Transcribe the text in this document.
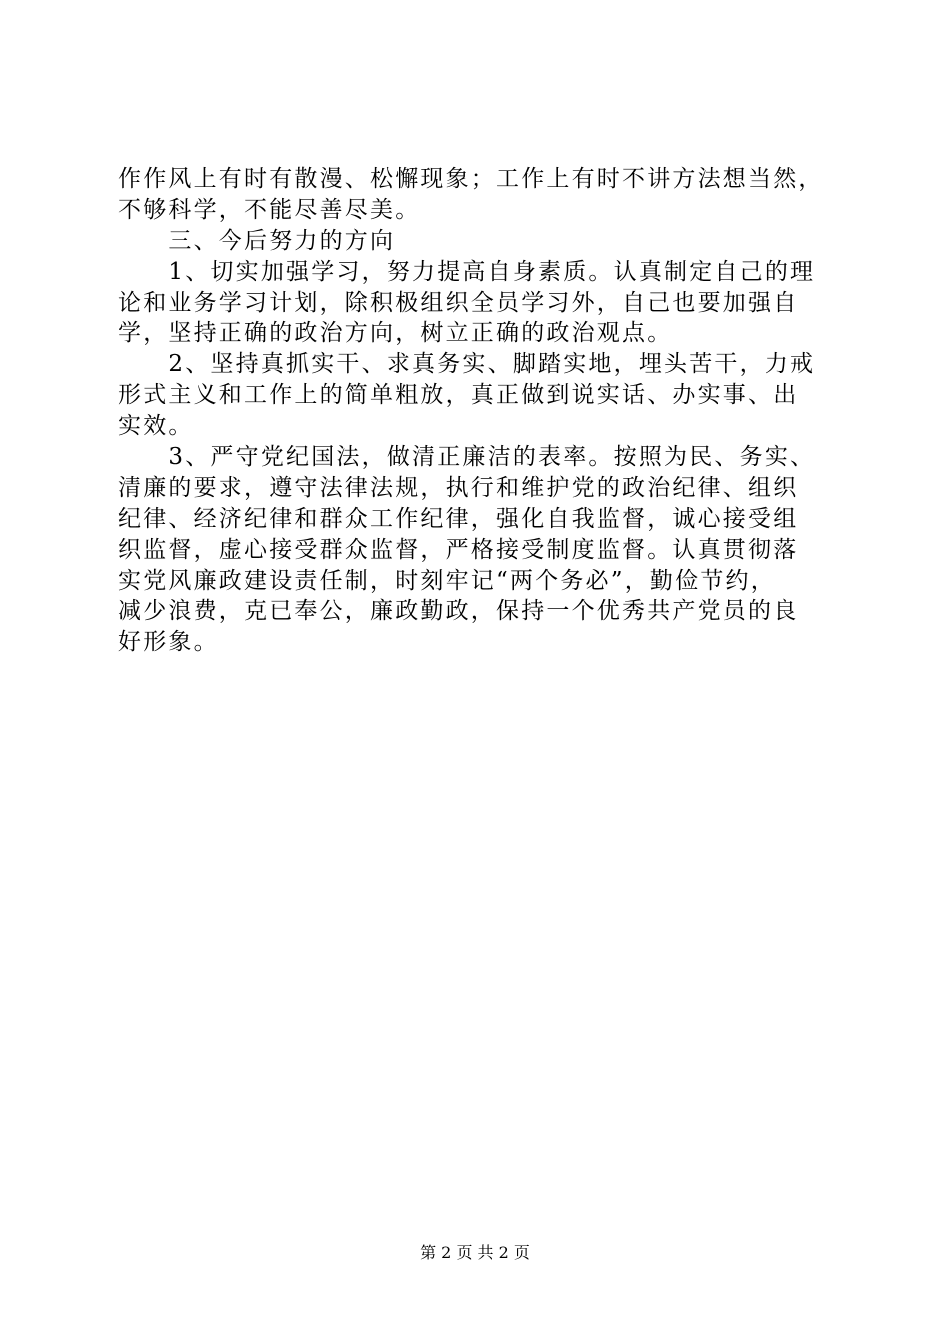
作作风上有时有散漫、松懈现象；工作上有时不讲方法想当然，
不够科学，不能尽善尽美。
　　三、今后努力的方向
　　1、切实加强学习，努力提高自身素质。认真制定自己的理
论和业务学习计划，除积极组织全员学习外，自己也要加强自
学，坚持正确的政治方向，树立正确的政治观点。
　　2、坚持真抓实干、求真务实、脚踏实地，埋头苦干，力戒
形式主义和工作上的简单粗放，真正做到说实话、办实事、出
实效。
　　3、严守党纪国法，做清正廉洁的表率。按照为民、务实、
清廉的要求，遵守法律法规，执行和维护党的政治纪律、组织
纪律、经济纪律和群众工作纪律，强化自我监督，诚心接受组
织监督，虚心接受群众监督，严格接受制度监督。认真贯彻落
实党风廉政建设责任制，时刻牢记“两个务必”，勤俭节约，
减少浪费，克已奉公，廉政勤政，保持一个优秀共产党员的良
好形象。
第 2 页 共 2 页
